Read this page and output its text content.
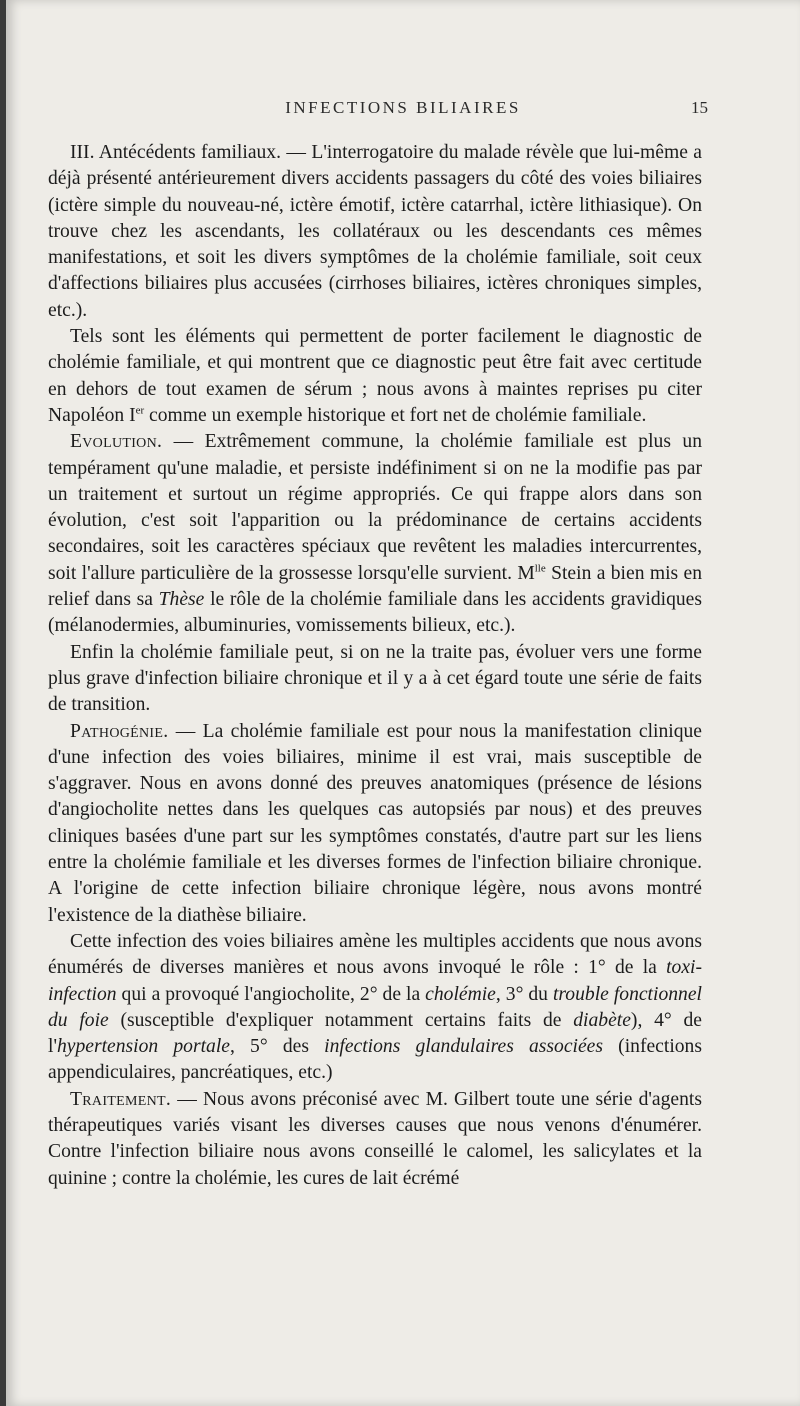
INFECTIONS BILIAIRES	15

III. Antécédents familiaux. — L'interrogatoire du malade révèle que lui-même a déjà présenté antérieurement divers accidents passagers du côté des voies biliaires (ictère simple du nouveau-né, ictère émotif, ictère catarrhal, ictère lithiasique). On trouve chez les ascendants, les collatéraux ou les descendants ces mêmes manifestations, et soit les divers symptômes de la cholémie familiale, soit ceux d'affections biliaires plus accusées (cirrhoses biliaires, ictères chroniques simples, etc.).

Tels sont les éléments qui permettent de porter facilement le diagnostic de cholémie familiale, et qui montrent que ce diagnostic peut être fait avec certitude en dehors de tout examen de sérum ; nous avons à maintes reprises pu citer Napoléon Ier comme un exemple historique et fort net de cholémie familiale.

Evolution. — Extrêmement commune, la cholémie familiale est plus un tempérament qu'une maladie, et persiste indéfiniment si on ne la modifie pas par un traitement et surtout un régime appropriés. Ce qui frappe alors dans son évolution, c'est soit l'apparition ou la prédominance de certains accidents secondaires, soit les caractères spéciaux que revêtent les maladies intercurrentes, soit l'allure particulière de la grossesse lorsqu'elle survient. $M^{lle}$ Stein a bien mis en relief dans sa Thèse le rôle de la cholémie familiale dans les accidents gravidiques (mélanodermies, albuminuries, vomissements bilieux, etc.).

Enfin la cholémie familiale peut, si on ne la traite pas, évoluer vers une forme plus grave d'infection biliaire chronique et il y a à cet égard toute une série de faits de transition.

Pathogénie. — La cholémie familiale est pour nous la manifestation clinique d'une infection des voies biliaires, minime il est vrai, mais susceptible de s'aggraver. Nous en avons donné des preuves anatomiques (présence de lésions d'angiocholite nettes dans les quelques cas autopsiés par nous) et des preuves cliniques basées d'une part sur les symptômes constatés, d'autre part sur les liens entre la cholémie familiale et les diverses formes de l'infection biliaire chronique. A l'origine de cette infection biliaire chronique légère, nous avons montré l'existence de la diathèse biliaire.

Cette infection des voies biliaires amène les multiples accidents que nous avons énumérés de diverses manières et nous avons invoqué le rôle : 1° de la toxi-infection qui a provoqué l'angiocholite, 2° de la cholémie, 3° du trouble fonctionnel du foie (susceptible d'expliquer notamment certains faits de diabète), 4° de l'hypertension portale, 5° des infections glandulaires associées (infections appendiculaires, pancréatiques, etc.)

Traitement. — Nous avons préconisé avec M. Gilbert toute une série d'agents thérapeutiques variés visant les diverses causes que nous venons d'énumérer. Contre l'infection biliaire nous avons conseillé le calomel, les salicylates et la quinine ; contre la cholémie, les cures de lait écrémé
